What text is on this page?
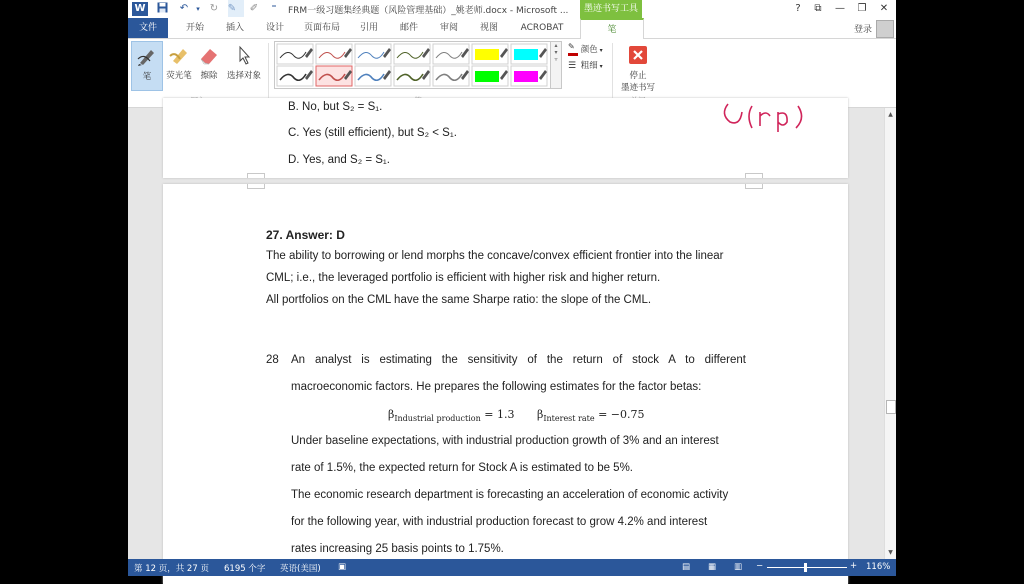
W	↶	▾	↻	✐	⁼	FRM一级习题集经典题（风险管理基础）_姚老师.docx - Microsoft ...	墨迹书写工具	?	⧉	—	❐	✕
文件	开始	插入	设计	页面布局	引用	邮件	审阅	视图	ACROBAT	笔	登录
笔	荧光笔	擦除	选择对象
▴
▾
▿
✎ 颜色 ▾
☰ 粗细 ▾
停止
墨迹书写
B. No, but S₂ = S₁.
C. Yes (still efficient), but S₂ < S₁.
D. Yes, and S₂ = S₁.
27. Answer: D
The ability to borrowing or lend morphs the concave/convex efficient frontier into the linear
CML; i.e., the leveraged portfolio is efficient with higher risk and higher return.
All portfolios on the CML have the same Sharpe ratio: the slope of the CML.
28 An analyst is estimating the sensitivity of the return of stock A to different
macroeconomic factors. He prepares the following estimates for the factor betas:
$\beta_{Industrial production} = 1.3$ $\beta_{Interest rate} = -0.75$
Under baseline expectations, with industrial production growth of 3% and an interest
rate of 1.5%, the expected return for Stock A is estimated to be 5%.
The economic research department is forecasting an acceleration of economic activity
for the following year, with industrial production forecast to grow 4.2% and interest
rates increasing 25 basis points to 1.75%.
▲
▼
第 12 页，共 27 页 6195 个字 英语(美国) ▣	▤ ▦ ▥ −	+ 116%
